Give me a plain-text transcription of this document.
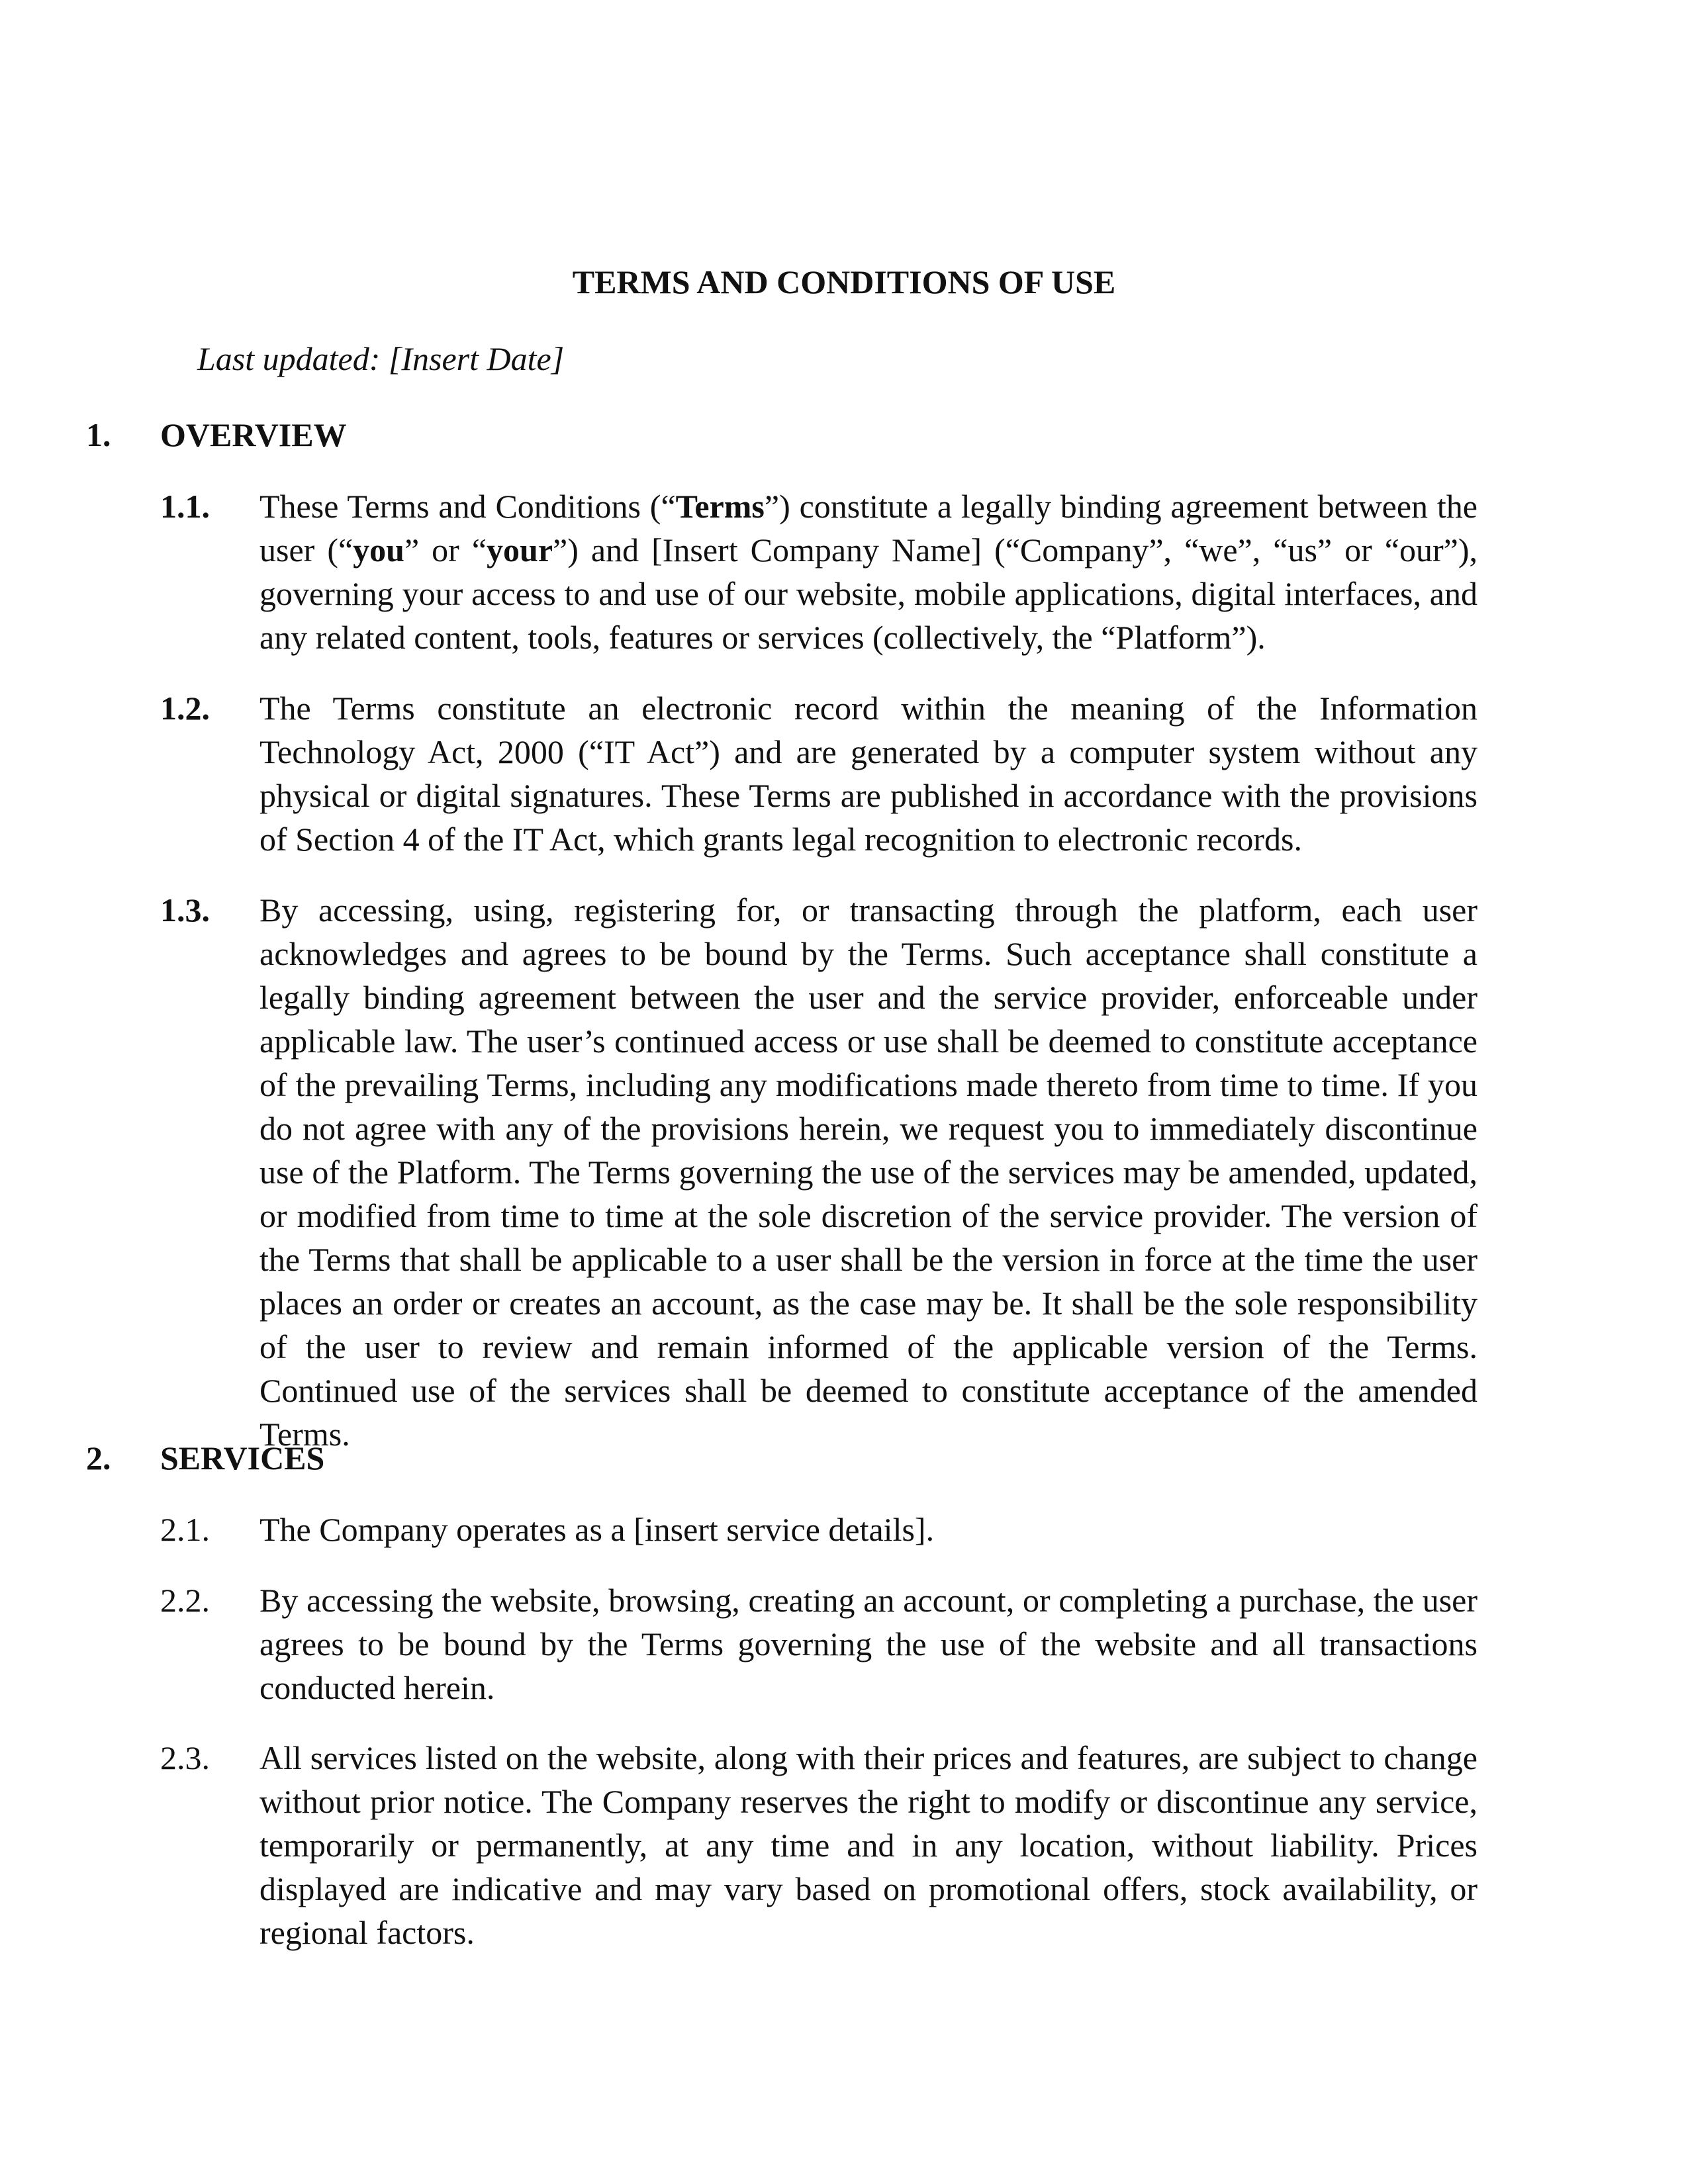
TERMS AND CONDITIONS OF USE

Last updated: [Insert Date]

1. OVERVIEW
1.1. These Terms and Conditions (“Terms”) constitute a legally binding agreement between the user (“you” or “your”) and [Insert Company Name] (“Company”, “we”, “us” or “our”), governing your access to and use of our website, mobile applications, digital interfaces, and any related content, tools, features or services (collectively, the “Platform”).
1.2. The Terms constitute an electronic record within the meaning of the Information Technology Act, 2000 (“IT Act”) and are generated by a computer system without any physical or digital signatures. These Terms are published in accordance with the provisions of Section 4 of the IT Act, which grants legal recognition to electronic records.

1.3. By accessing, using, registering for, or transacting through the platform, each user acknowledges and agrees to be bound by the Terms. Such acceptance shall constitute a legally binding agreement between the user and the service provider, enforceable under applicable law. The user’s continued access or use shall be deemed to constitute acceptance of the prevailing Terms, including any modifications made thereto from time to time. If you do not agree with any of the provisions herein, we request you to immediately discontinue use of the Platform. The Terms governing the use of the services may be amended, updated, or modified from time to time at the sole discretion of the service provider. The version of the Terms that shall be applicable to a user shall be the version in force at the time the user places an order or creates an account, as the case may be. It shall be the sole responsibility of the user to review and remain informed of the applicable version of the Terms. Continued use of the services shall be deemed to constitute acceptance of the amended Terms.

2. SERVICES
2.1. The Company operates as a [insert service details].

2.2. By accessing the website, browsing, creating an account, or completing a purchase, the user agrees to be bound by the Terms governing the use of the website and all transactions conducted herein.

2.3. All services listed on the website, along with their prices and features, are subject to change without prior notice. The Company reserves the right to modify or discontinue any service, temporarily or permanently, at any time and in any location, without liability. Prices displayed are indicative and may vary based on promotional offers, stock availability, or regional factors.
